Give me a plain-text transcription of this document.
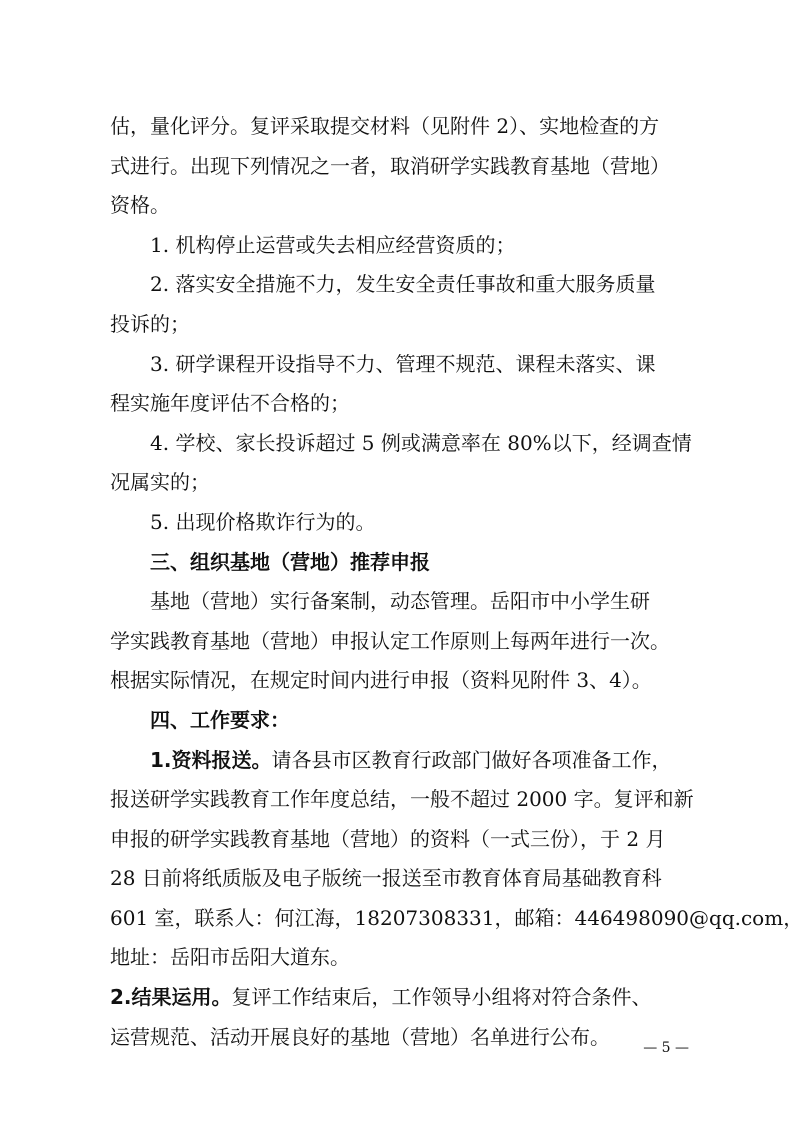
估，量化评分。复评采取提交材料（见附件 2）、实地检查的方
式进行。出现下列情况之一者，取消研学实践教育基地（营地）
资格。
1. 机构停止运营或失去相应经营资质的；
2. 落实安全措施不力，发生安全责任事故和重大服务质量
投诉的；
3. 研学课程开设指导不力、管理不规范、课程未落实、课
程实施年度评估不合格的；
4. 学校、家长投诉超过 5 例或满意率在 80%以下，经调查情
况属实的；
5. 出现价格欺诈行为的。
三、组织基地（营地）推荐申报
基地（营地）实行备案制，动态管理。岳阳市中小学生研
学实践教育基地（营地）申报认定工作原则上每两年进行一次。
根据实际情况，在规定时间内进行申报（资料见附件 3、4）。
四、工作要求：
1.资料报送。请各县市区教育行政部门做好各项准备工作，
报送研学实践教育工作年度总结，一般不超过 2000 字。复评和新
申报的研学实践教育基地（营地）的资料（一式三份），于 2 月
28 日前将纸质版及电子版统一报送至市教育体育局基础教育科
601 室，联系人：何江海，18207308331，邮箱：446498090@qq.com，
地址：岳阳市岳阳大道东。
2.结果运用。复评工作结束后，工作领导小组将对符合条件、
运营规范、活动开展良好的基地（营地）名单进行公布。	— 5 —
